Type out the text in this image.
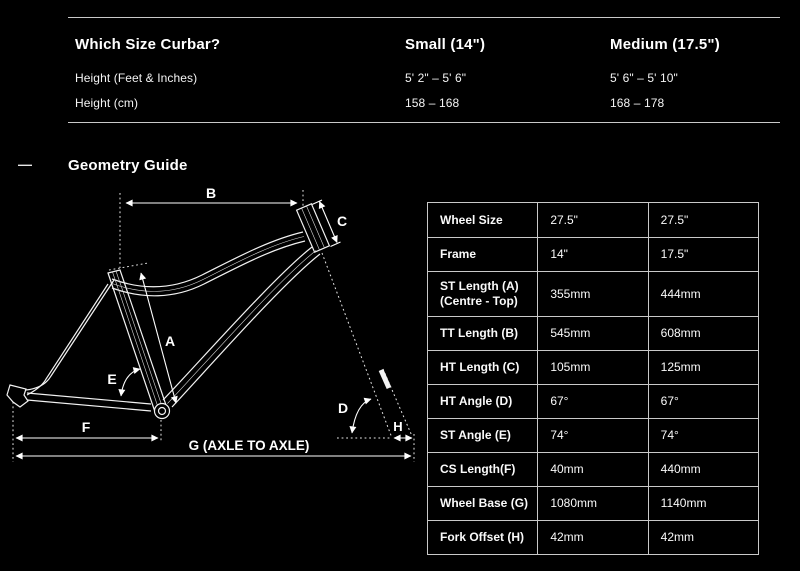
Which Size Curbar?	Small (14")	Medium (17.5")
Height (Feet & Inches)	5' 2" – 5' 6"	5' 6" – 5' 10"
Height (cm)	158 – 168	168 – 178
— Geometry Guide
B
C
A
E
D
H
F
G (AXLE TO AXLE)
Wheel Size	27.5"	27.5"
Frame	14"	17.5"
ST Length (A) (Centre - Top)	355mm	444mm
TT Length (B)	545mm	608mm
HT Length (C)	105mm	125mm
HT Angle (D)	67°	67°
ST Angle (E)	74°	74°
CS Length(F)	40mm	440mm
Wheel Base (G)	1080mm	1140mm
Fork Offset (H)	42mm	42mm
